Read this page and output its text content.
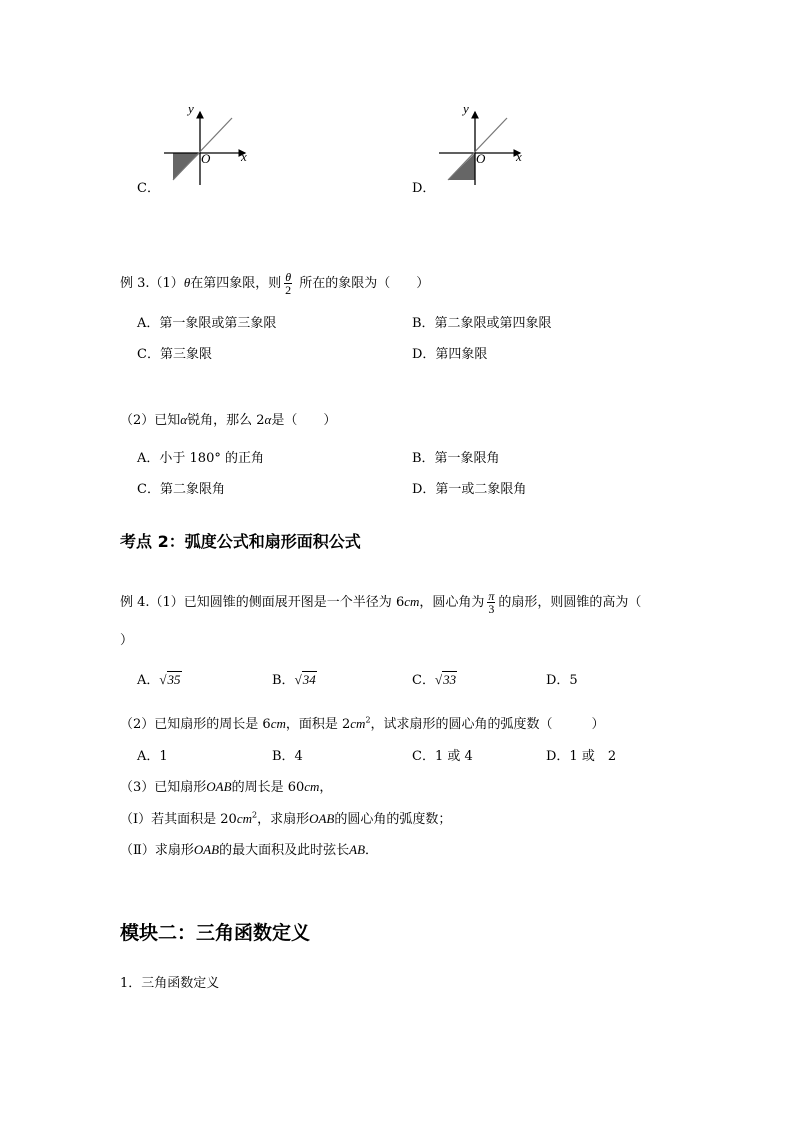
C．
y
x
O
D．
y
x
O
例 3.（1）θ在第四象限，则 $\frac{\theta}{2}$ 所在的象限为（　　）
A．第一象限或第三象限	B．第二象限或第四象限
C．第三象限	D．第四象限
（2）已知α锐角，那么 2α是（　　）
A．小于 180° 的正角	B．第一象限角
C．第二象限角	D．第一或二象限角
考点 2：弧度公式和扇形面积公式
例 4.（1）已知圆锥的侧面展开图是一个半径为 6cm，圆心角为 $\frac{\pi}{3}$ 的扇形，则圆锥的高为（
）
A．√35	B．√34	C．√33	D．5
（2）已知扇形的周长是 6cm，面积是 $2cm^2$，试求扇形的圆心角的弧度数（　　　）
A．1	B．4	C．1 或 4	D．1 或　2
（3）已知扇形OAB的周长是 60cm，
（Ⅰ）若其面积是 $20cm^2$，求扇形OAB的圆心角的弧度数；
（Ⅱ）求扇形OAB的最大面积及此时弦长AB．
模块二：三角函数定义
1．三角函数定义
